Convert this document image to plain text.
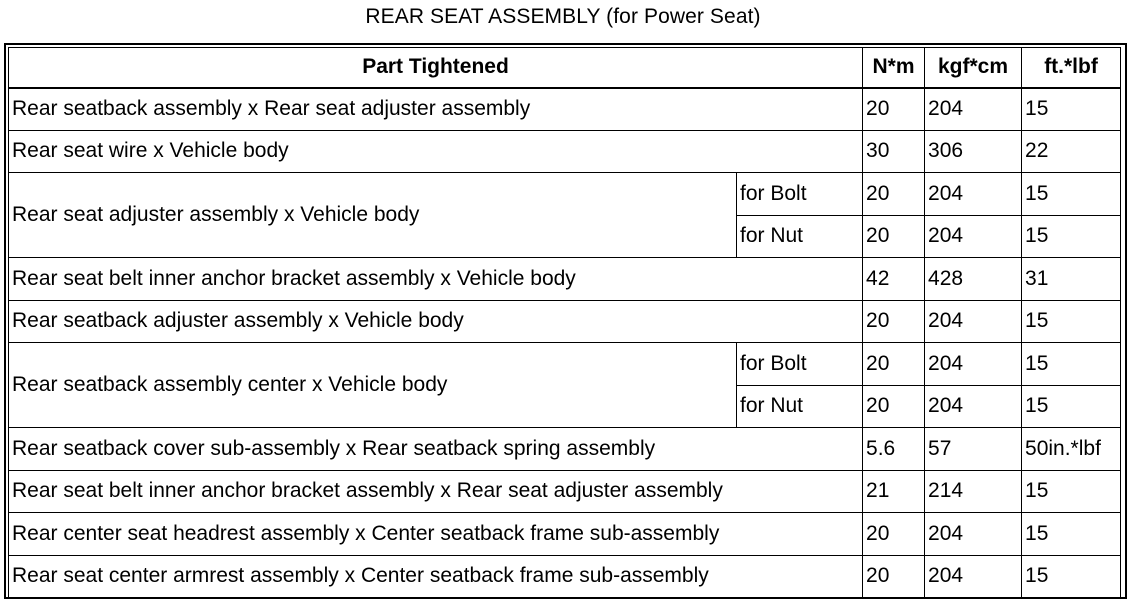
REAR SEAT ASSEMBLY (for Power Seat)
Part Tightened		N*m	kgf*cm	ft.*lbf
Rear seatback assembly x Rear seat adjuster assembly		20	204	15
Rear seat wire x Vehicle body		30	306	22
Rear seat adjuster assembly x Vehicle body	for Bolt	20	204	15
	for Nut	20	204	15
Rear seat belt inner anchor bracket assembly x Vehicle body		42	428	31
Rear seatback adjuster assembly x Vehicle body		20	204	15
Rear seatback assembly center x Vehicle body	for Bolt	20	204	15
	for Nut	20	204	15
Rear seatback cover sub-assembly x Rear seatback spring assembly		5.6	57	50in.*lbf
Rear seat belt inner anchor bracket assembly x Rear seat adjuster assembly		21	214	15
Rear center seat headrest assembly x Center seatback frame sub-assembly		20	204	15
Rear seat center armrest assembly x Center seatback frame sub-assembly		20	204	15
